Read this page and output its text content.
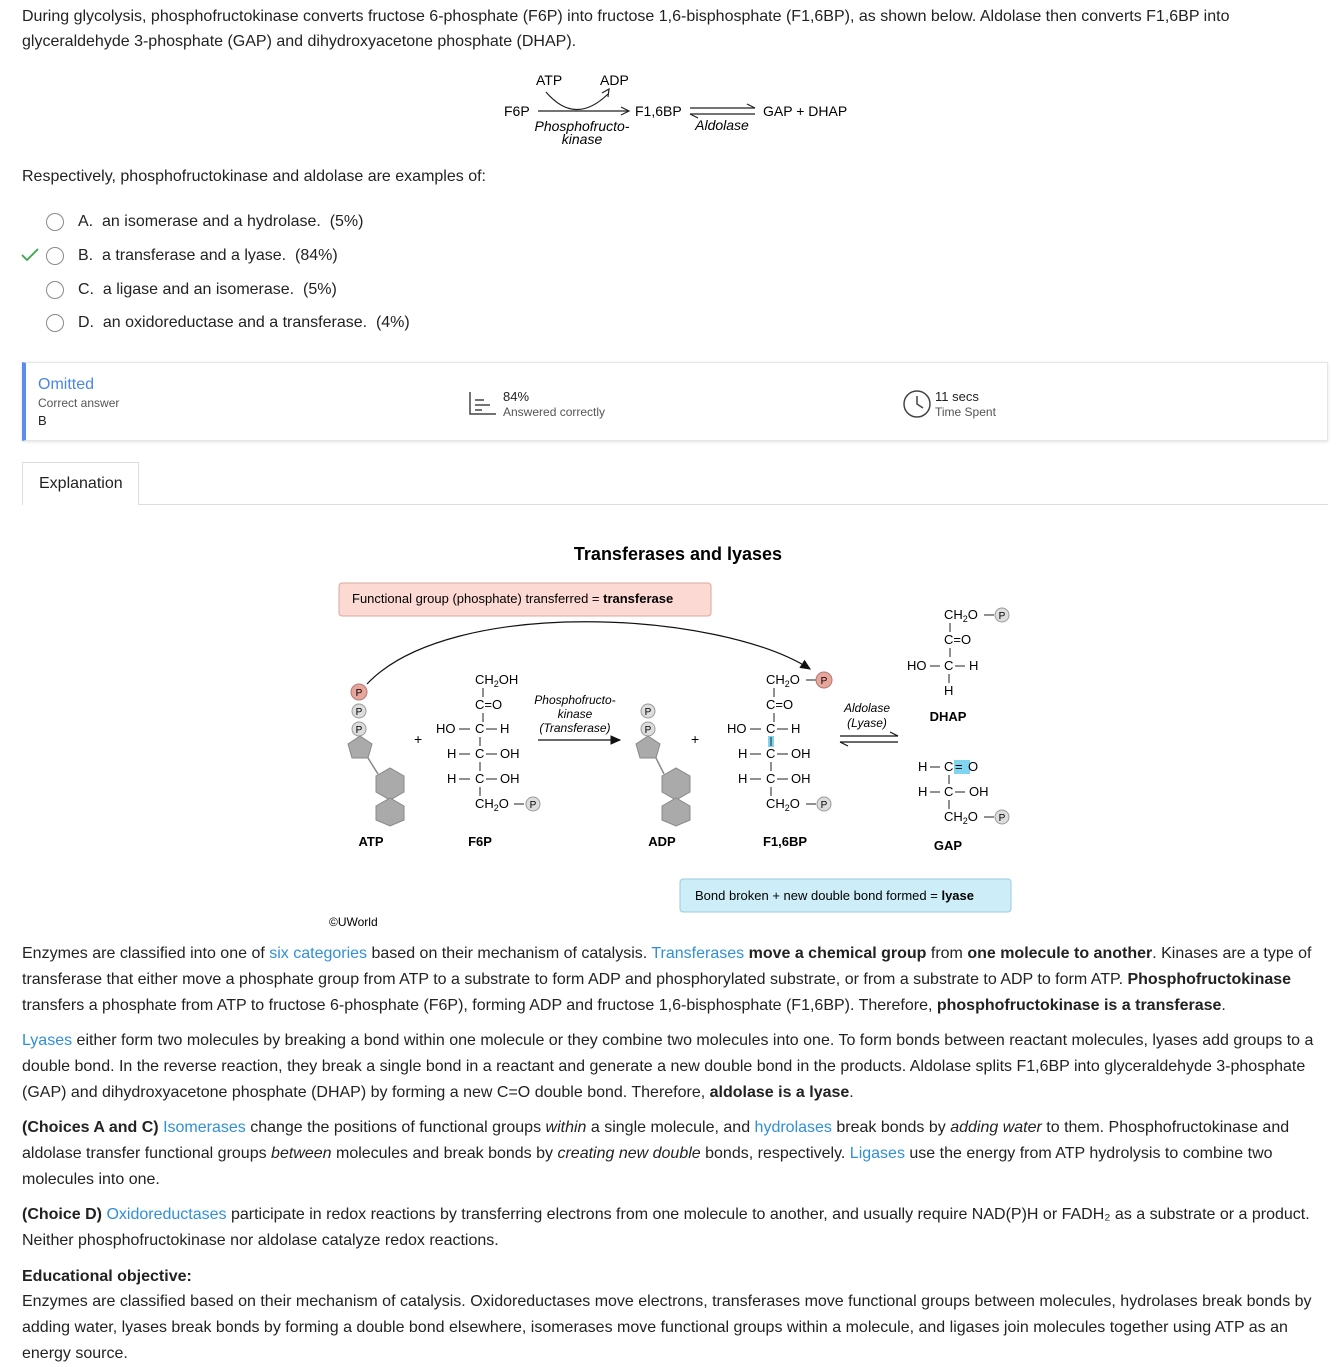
During glycolysis, phosphofructokinase converts fructose 6-phosphate (F6P) into fructose 1,6-bisphosphate (F1,6BP), as shown below. Aldolase then converts F1,6BP into glyceraldehyde 3-phosphate (GAP) and dihydroxyacetone phosphate (DHAP).

ATP	ADP
F6P	F1,6BP	GAP + DHAP
Phosphofructo-
kinase
Aldolase

Respectively, phosphofructokinase and aldolase are examples of:

A.
an isomerase and a hydrolase.
(5%)
B.
a transferase and a lyase.
(84%)
C.
a ligase and an isomerase.
(5%)
D.
an oxidoreductase and a transferase.
(4%)
Omitted
Correct answer
B
84%
Answered correctly
11 secs
Time Spent
Explanation
Transferases and lyases
Functional group (phosphate) transferred = transferase
P
P
P
+
$CH_2OH$
C=O
HO C H
H C OH
H C OH
$CH_2O$ P
Phosphofructo-
kinase
(Transferase)
P
P
+
$CH_2O$
C=O
HO C H
H C OH
H C OH
$CH_2O$
P
P
Aldolase
(Lyase)
$CH_2O$
C=O
HO C H
H
P
H C = O
H C OH
$CH_2O$ P
ATP	F6P	ADP	F1,6BP
DHAP
GAP
Bond broken + new double bond formed = lyase
©UWorld

Enzymes are classified into one of six categories based on their mechanism of catalysis. Transferases move a chemical group from one molecule to another. Kinases are a type of transferase that either move a phosphate group from ATP to a substrate to form ADP and phosphorylated substrate, or from a substrate to ADP to form ATP. Phosphofructokinase transfers a phosphate from ATP to fructose 6-phosphate (F6P), forming ADP and fructose 1,6-bisphosphate (F1,6BP). Therefore, phosphofructokinase is a transferase.

Lyases either form two molecules by breaking a bond within one molecule or they combine two molecules into one. To form bonds between reactant molecules, lyases add groups to a double bond. In the reverse reaction, they break a single bond in a reactant and generate a new double bond in the products. Aldolase splits F1,6BP into glyceraldehyde 3-phosphate (GAP) and dihydroxyacetone phosphate (DHAP) by forming a new C=O double bond. Therefore, aldolase is a lyase.

(Choices A and C) Isomerases change the positions of functional groups within a single molecule, and hydrolases break bonds by adding water to them. Phosphofructokinase and aldolase transfer functional groups between molecules and break bonds by creating new double bonds, respectively. Ligases use the energy from ATP hydrolysis to combine two molecules into one.

(Choice D) Oxidoreductases participate in redox reactions by transferring electrons from one molecule to another, and usually require NAD(P)H or FADH₂ as a substrate or a product. Neither phosphofructokinase nor aldolase catalyze redox reactions.

Educational objective:

Enzymes are classified based on their mechanism of catalysis. Oxidoreductases move electrons, transferases move functional groups between molecules, hydrolases break bonds by adding water, lyases break bonds by forming a double bond elsewhere, isomerases move functional groups within a molecule, and ligases join molecules together using ATP as an energy source.
